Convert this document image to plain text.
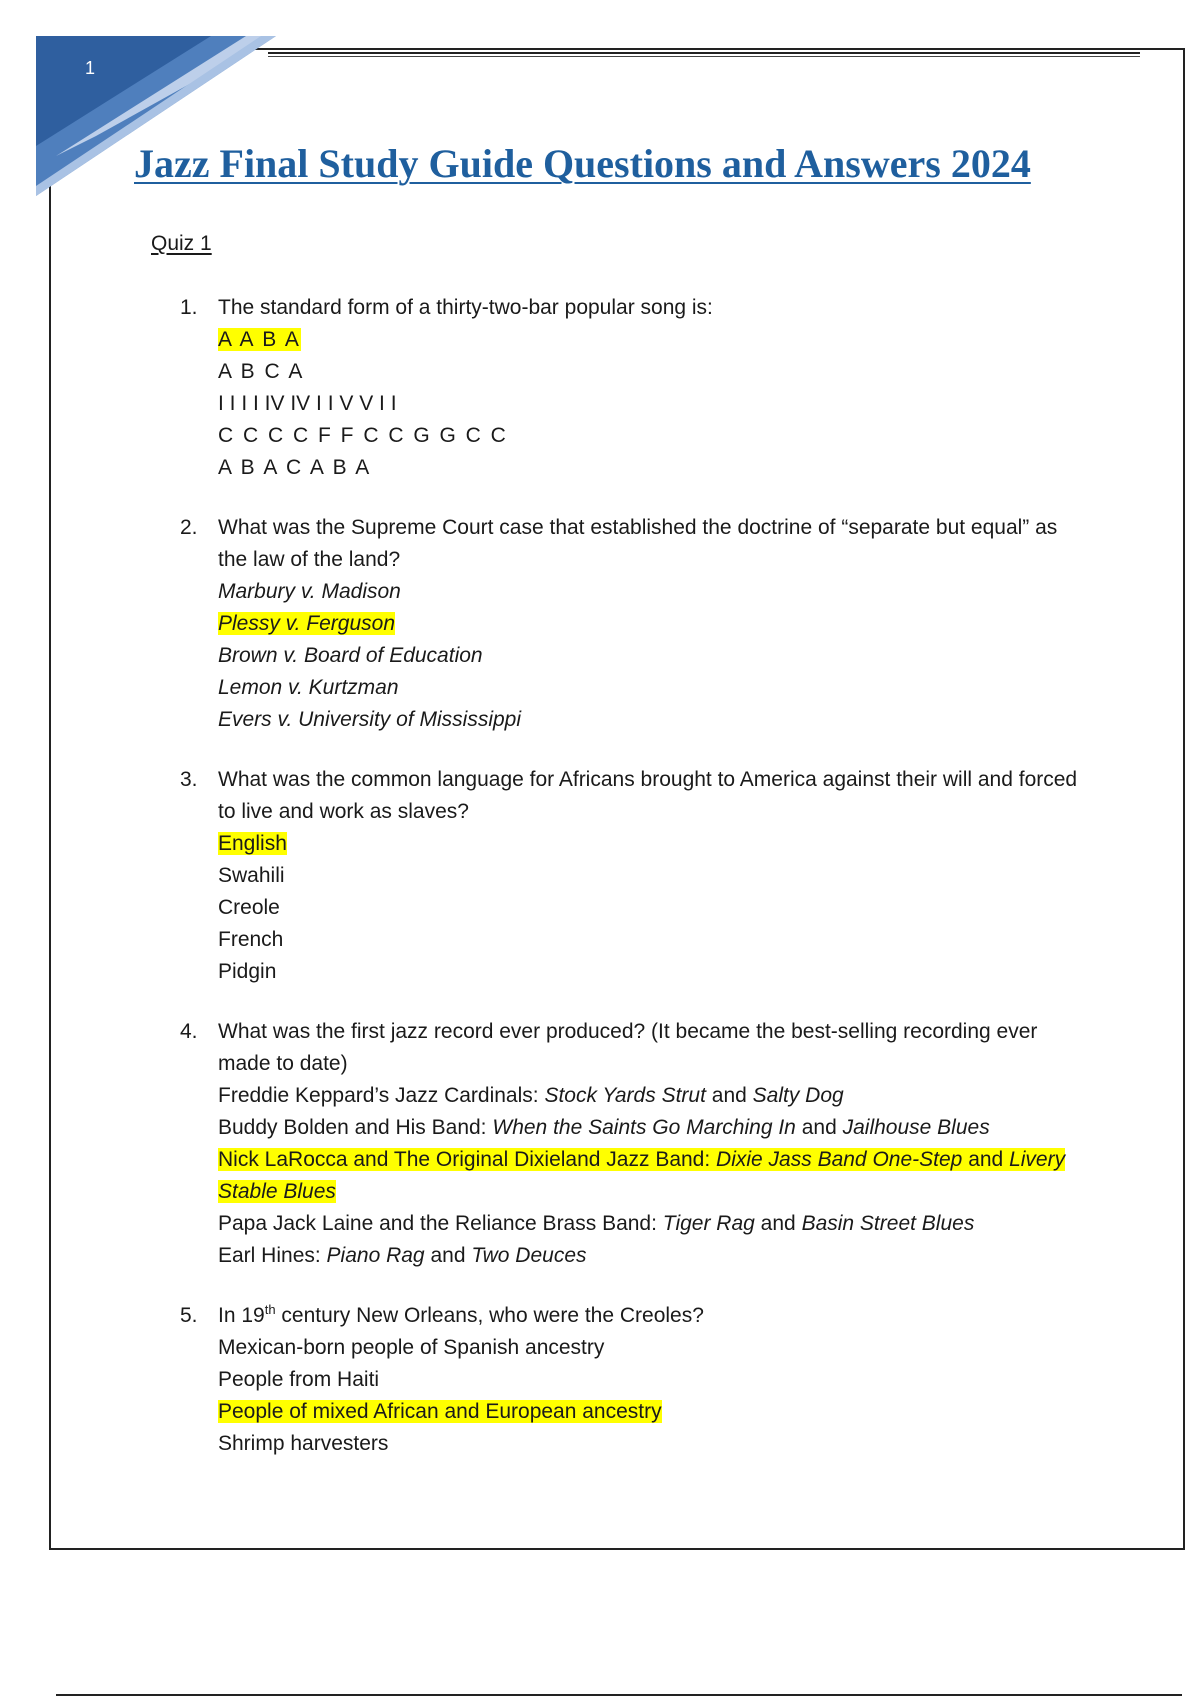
1
Jazz Final Study Guide Questions and Answers 2024
Quiz 1
1. The standard form of a thirty-two-bar popular song is:
A A B A
A B C A
I I I I IV IV I I V V I I
C C C C F F C C G G C C
A B A C A B A
2. What was the Supreme Court case that established the doctrine of “separate but equal” as the law of the land?
Marbury v. Madison
Plessy v. Ferguson
Brown v. Board of Education
Lemon v. Kurtzman
Evers v. University of Mississippi
3. What was the common language for Africans brought to America against their will and forced to live and work as slaves?
English
Swahili
Creole
French
Pidgin
4. What was the first jazz record ever produced? (It became the best-selling recording ever made to date)
Freddie Keppard’s Jazz Cardinals: Stock Yards Strut and Salty Dog
Buddy Bolden and His Band: When the Saints Go Marching In and Jailhouse Blues
Nick LaRocca and The Original Dixieland Jazz Band: Dixie Jass Band One-Step and Livery Stable Blues
Papa Jack Laine and the Reliance Brass Band: Tiger Rag and Basin Street Blues
Earl Hines: Piano Rag and Two Deuces
5. In 19th century New Orleans, who were the Creoles?
Mexican-born people of Spanish ancestry
People from Haiti
People of mixed African and European ancestry
Shrimp harvesters
